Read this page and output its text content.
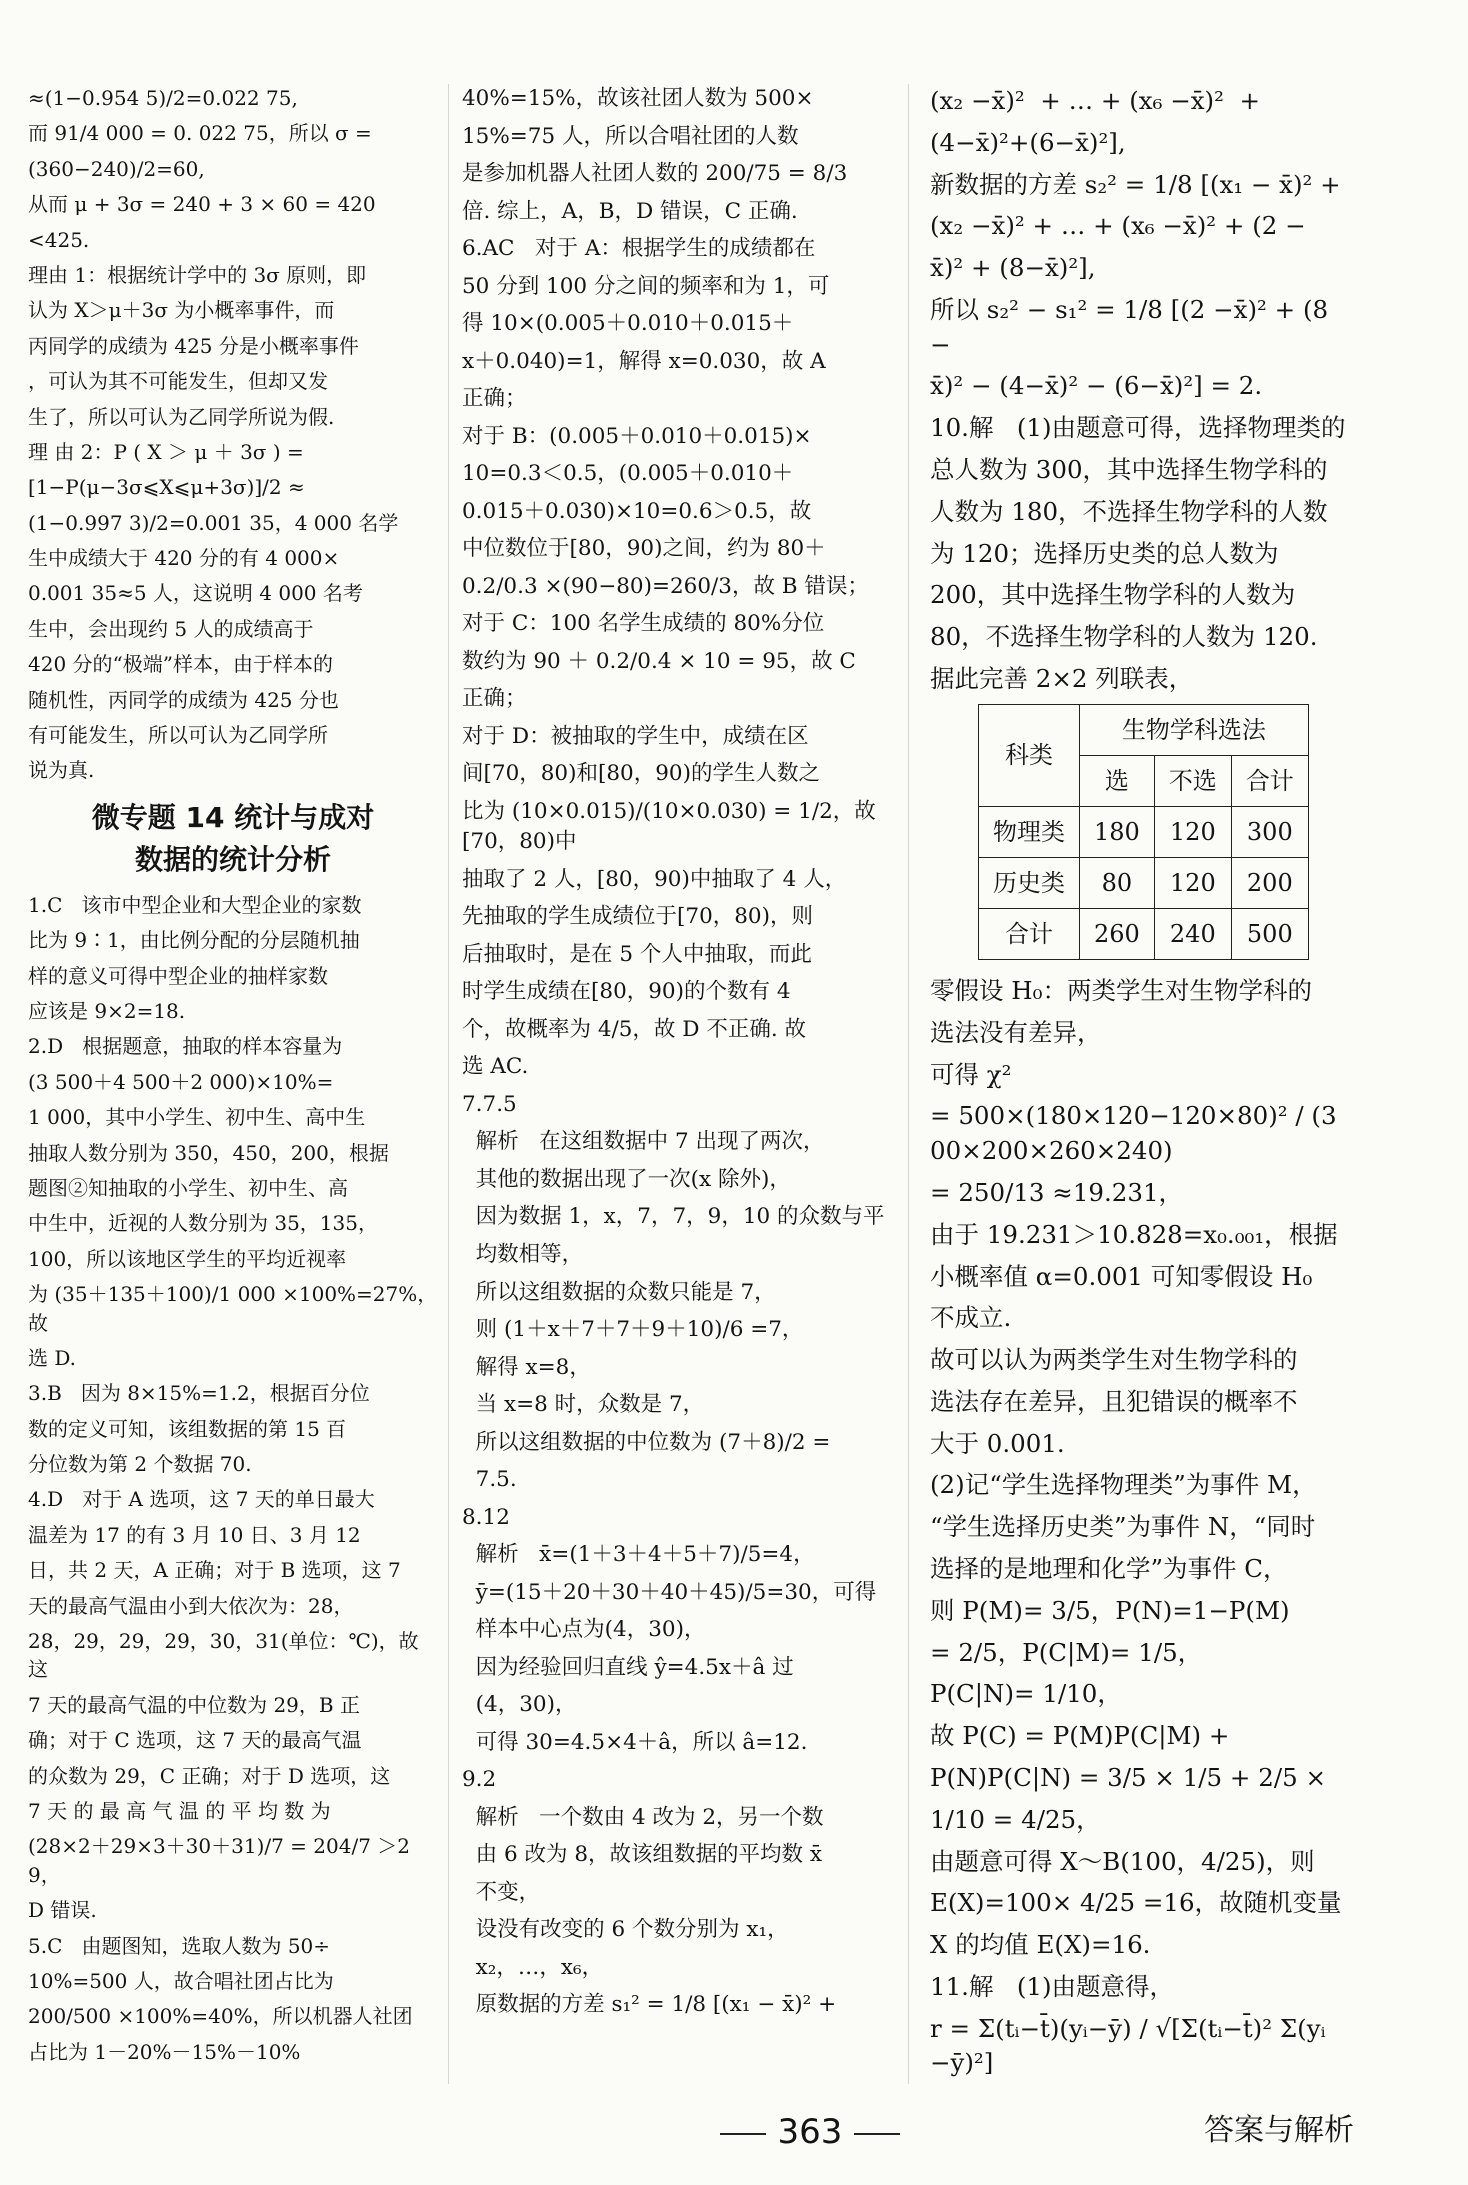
≈(1−0.954 5)/2=0.022 75,
而 91/4 000 = 0. 022 75，所以 σ =
(360−240)/2=60,
从而 μ + 3σ = 240 + 3 × 60 = 420
<425.
理由 1：根据统计学中的 3σ 原则，即
认为 X＞μ＋3σ 为小概率事件，而
丙同学的成绩为 425 分是小概率事件
，可认为其不可能发生，但却又发
生了，所以可认为乙同学所说为假.
理 由 2：P ( X ＞ μ ＋ 3σ ) =
[1−P(μ−3σ⩽X⩽μ+3σ)]/2 ≈
(1−0.997 3)/2=0.001 35，4 000 名学
生中成绩大于 420 分的有 4 000×
0.001 35≈5 人，这说明 4 000 名考
生中，会出现约 5 人的成绩高于
420 分的“极端”样本，由于样本的
随机性，丙同学的成绩为 425 分也
有可能发生，所以可认为乙同学所
说为真.
微专题 14 统计与成对
数据的统计分析
1.C   该市中型企业和大型企业的家数
比为 9∶1，由比例分配的分层随机抽
样的意义可得中型企业的抽样家数
应该是 9×2=18.
2.D   根据题意，抽取的样本容量为
(3 500＋4 500＋2 000)×10%=
1 000，其中小学生、初中生、高中生
抽取人数分别为 350，450，200，根据
题图②知抽取的小学生、初中生、高
中生中，近视的人数分别为 35，135，
100，所以该地区学生的平均近视率
为 (35＋135＋100)/1 000 ×100%=27%，故
选 D.
3.B   因为 8×15%=1.2，根据百分位
数的定义可知，该组数据的第 15 百
分位数为第 2 个数据 70.
4.D   对于 A 选项，这 7 天的单日最大
温差为 17 的有 3 月 10 日、3 月 12
日，共 2 天，A 正确；对于 B 选项，这 7
天的最高气温由小到大依次为：28，
28，29，29，29，30，31(单位：℃)，故这
7 天的最高气温的中位数为 29，B 正
确；对于 C 选项，这 7 天的最高气温
的众数为 29，C 正确；对于 D 选项，这
7 天 的 最 高 气 温 的 平 均 数 为
(28×2＋29×3＋30＋31)/7 = 204/7 ＞29，
D 错误.
5.C   由题图知，选取人数为 50÷
10%=500 人，故合唱社团占比为
200/500 ×100%=40%，所以机器人社团
占比为 1－20%－15%－10%
40%=15%，故该社团人数为 500×
15%=75 人，所以合唱社团的人数
是参加机器人社团人数的 200/75 = 8/3
倍. 综上，A，B，D 错误，C 正确.
6.AC   对于 A：根据学生的成绩都在
50 分到 100 分之间的频率和为 1，可
得 10×(0.005＋0.010＋0.015＋
x＋0.040)=1，解得 x=0.030，故 A
正确；
对于 B：(0.005＋0.010＋0.015)×
10=0.3＜0.5，(0.005＋0.010＋
0.015＋0.030)×10=0.6＞0.5，故
中位数位于[80，90)之间，约为 80＋
0.2/0.3 ×(90−80)=260/3，故 B 错误；
对于 C：100 名学生成绩的 80%分位
数约为 90 ＋ 0.2/0.4 × 10 = 95，故 C
正确；
对于 D：被抽取的学生中，成绩在区
间[70，80)和[80，90)的学生人数之
比为 (10×0.015)/(10×0.030) = 1/2，故[70，80)中
抽取了 2 人，[80，90)中抽取了 4 人，
先抽取的学生成绩位于[70，80)，则
后抽取时，是在 5 个人中抽取，而此
时学生成绩在[80，90)的个数有 4
个，故概率为 4/5，故 D 不正确. 故
选 AC.
7.7.5
解析   在这组数据中 7 出现了两次，
其他的数据出现了一次(x 除外)，
因为数据 1，x，7，7，9，10 的众数与平
均数相等，
所以这组数据的众数只能是 7，
则 (1＋x＋7＋7＋9＋10)/6 =7，
解得 x=8，
当 x=8 时，众数是 7，
所以这组数据的中位数为 (7＋8)/2 =
7.5.
8.12
解析   x̄=(1＋3＋4＋5＋7)/5=4，
ȳ=(15＋20＋30＋40＋45)/5=30，可得
样本中心点为(4，30)，
因为经验回归直线 ŷ=4.5x＋â 过
(4，30)，
可得 30=4.5×4＋â，所以 â=12.
9.2
解析   一个数由 4 改为 2，另一个数
由 6 改为 8，故该组数据的平均数 x̄
不变，
设没有改变的 6 个数分别为 x₁，
x₂，…，x₆，
原数据的方差 s₁² = 1/8 [(x₁ − x̄)² +
(x₂ −x̄)²  + … + (x₆ −x̄)²  +
(4−x̄)²+(6−x̄)²],
新数据的方差 s₂² = 1/8 [(x₁ − x̄)² +
(x₂ −x̄)² + … + (x₆ −x̄)² + (2 −
x̄)² + (8−x̄)²],
所以 s₂² − s₁² = 1/8 [(2 −x̄)² + (8 −
x̄)² − (4−x̄)² − (6−x̄)²] = 2.
10.解   (1)由题意可得，选择物理类的
总人数为 300，其中选择生物学科的
人数为 180，不选择生物学科的人数
为 120；选择历史类的总人数为
200，其中选择生物学科的人数为
80，不选择生物学科的人数为 120.
据此完善 2×2 列联表，
科类	生物学科选法		
	选	不选	合计
物理类	180	120	300
历史类	80	120	200
合计	260	240	500
零假设 H₀：两类学生对生物学科的
选法没有差异，
可得 χ²
= 500×(180×120−120×80)² / (300×200×260×240)
= 250/13 ≈19.231，
由于 19.231＞10.828=x₀.₀₀₁，根据
小概率值 α=0.001 可知零假设 H₀
不成立.
故可以认为两类学生对生物学科的
选法存在差异，且犯错误的概率不
大于 0.001.
(2)记“学生选择物理类”为事件 M，
“学生选择历史类”为事件 N，“同时
选择的是地理和化学”为事件 C，
则 P(M)= 3/5，P(N)=1−P(M)
= 2/5，P(C|M)= 1/5，
P(C|N)= 1/10，
故 P(C) = P(M)P(C|M) +
P(N)P(C|N) = 3/5 × 1/5 + 2/5 ×
1/10 = 4/25，
由题意可得 X～B(100，4/25)，则
E(X)=100× 4/25 =16，故随机变量
X 的均值 E(X)=16.
11.解   (1)由题意得，
r = Σ(tᵢ−t̄)(yᵢ−ȳ) / √[Σ(tᵢ−t̄)² Σ(yᵢ−ȳ)²]
363	答案与解析
